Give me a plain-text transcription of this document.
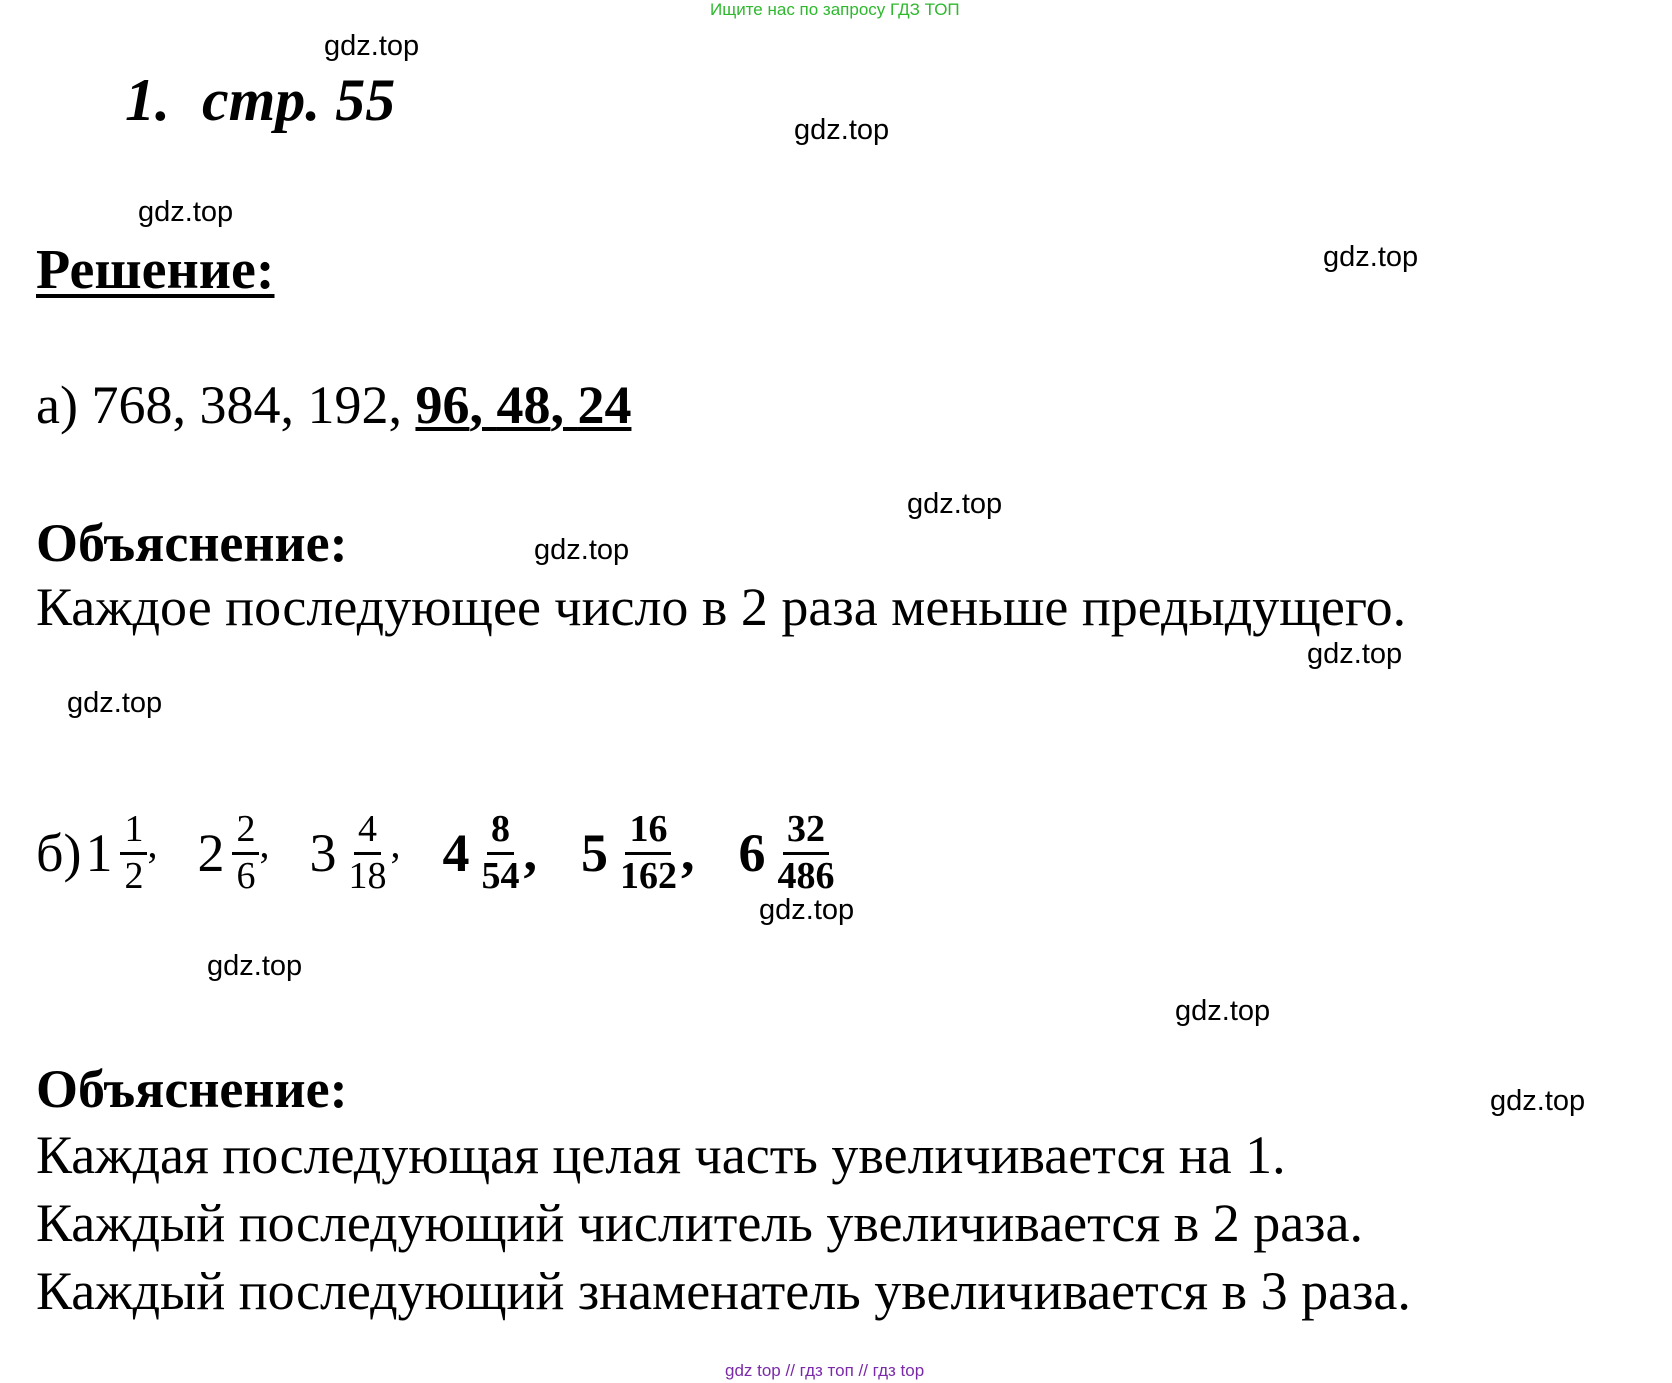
Ищите нас по запросу ГДЗ ТОП
gdz.top
gdz.top
gdz.top
gdz.top
gdz.top
gdz.top
gdz.top
gdz.top
gdz.top
gdz.top
gdz.top
gdz.top
1. стр. 55
Решение:
а) 768, 384, 192, 96, 48, 24
Объяснение:
Каждое последующее число в 2 раза меньше предыдущего.
б) $1 \frac{1}{2}$ , $2 \frac{2}{6}$ , $3 \frac{4}{18}$ , $4 \frac{8}{54}$ , $5 \frac{16}{162}$ , $6 \frac{32}{486}$
Объяснение:
Каждая последующая целая часть увеличивается на 1.
Каждый последующий числитель увеличивается в 2 раза.
Каждый последующий знаменатель увеличивается в 3 раза.
gdz top // гдз топ // гдз top
